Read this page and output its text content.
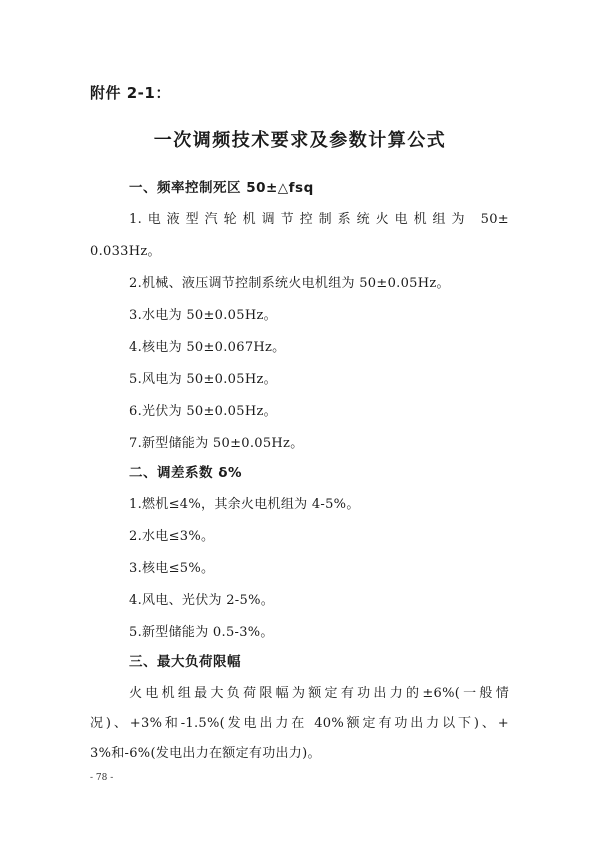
附件 2-1：
一次调频技术要求及参数计算公式
一、频率控制死区 50±△fsq
1.电液型汽轮机调节控制系统火电机组为 50±
0.033Hz。
2.机械、液压调节控制系统火电机组为 50±0.05Hz。
3.水电为 50±0.05Hz。
4.核电为 50±0.067Hz。
5.风电为 50±0.05Hz。
6.光伏为 50±0.05Hz。
7.新型储能为 50±0.05Hz。
二、调差系数 δ%
1.燃机≤4%，其余火电机组为 4-5%。
2.水电≤3%。
3.核电≤5%。
4.风电、光伏为 2-5%。
5.新型储能为 0.5-3%。
三、最大负荷限幅
火电机组最大负荷限幅为额定有功出力的±6%(一般情
况)、+3%和-1.5%(发电出力在 40%额定有功出力以下)、+
3%和-6%(发电出力在额定有功出力)。
- 78 -
